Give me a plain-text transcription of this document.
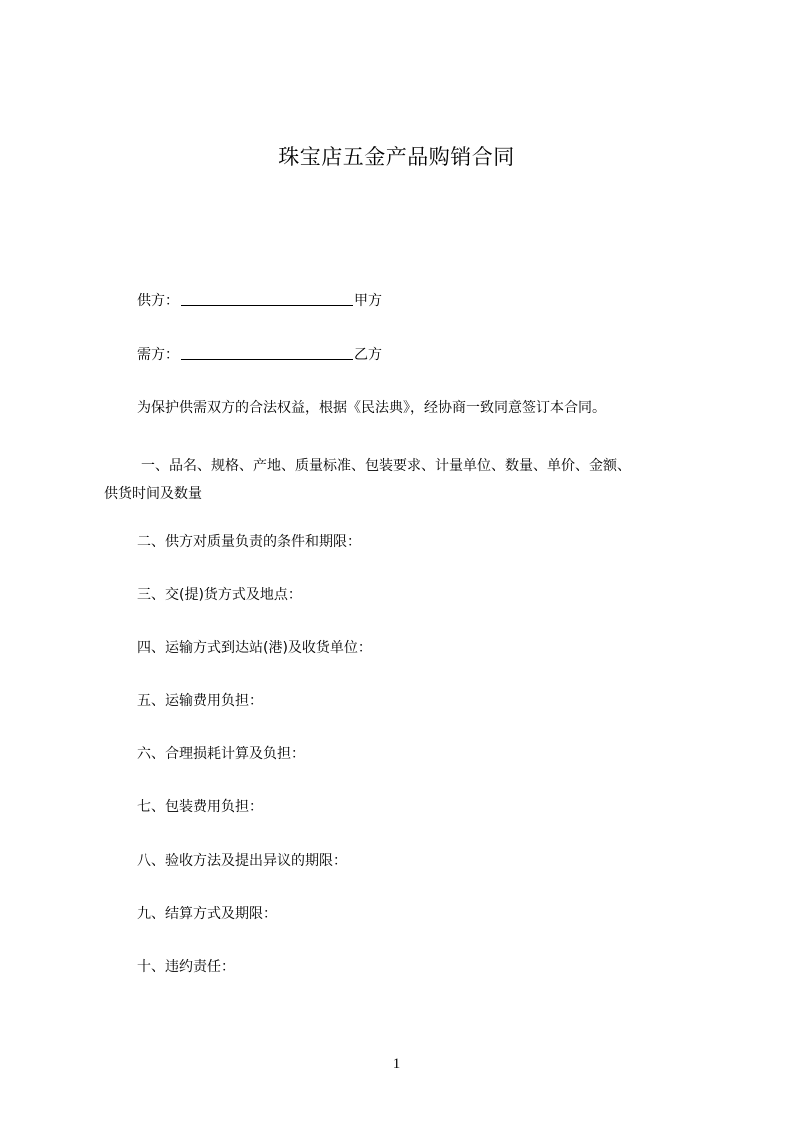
珠宝店五金产品购销合同
供方：	甲方
需方：	乙方
为保护供需双方的合法权益，根据《民法典》，经协商一致同意签订本合同。
一、品名、规格、产地、质量标准、包装要求、计量单位、数量、单价、金额、
供货时间及数量
二、供方对质量负责的条件和期限：
三、交(提)货方式及地点：
四、运输方式到达站(港)及收货单位：
五、运输费用负担：
六、合理损耗计算及负担：
七、包装费用负担：
八、验收方法及提出异议的期限：
九、结算方式及期限：
十、违约责任：
1
